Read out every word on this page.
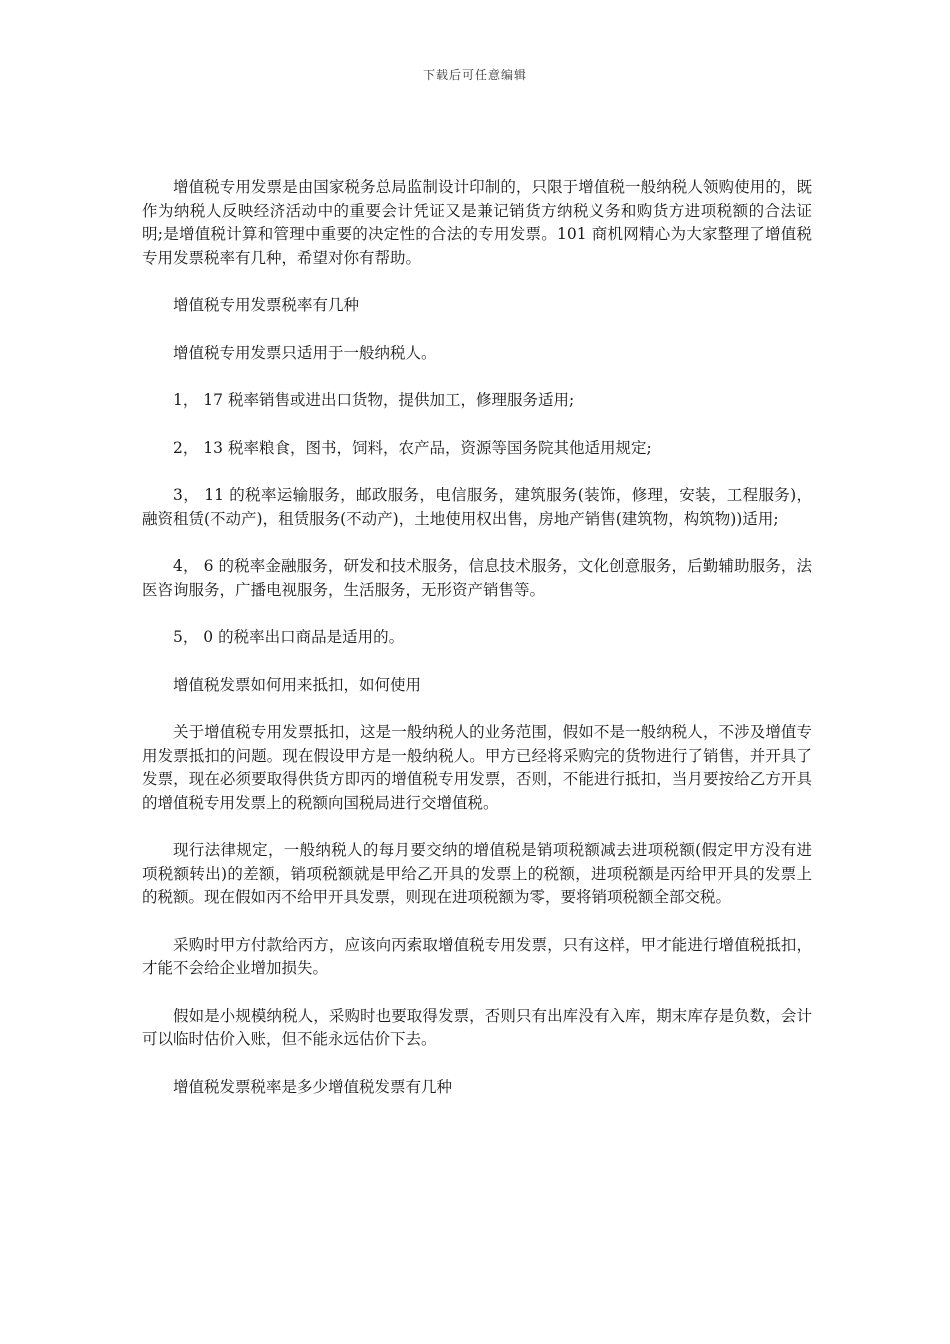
下载后可任意编辑

增值税专用发票是由国家税务总局监制设计印制的，只限于增值税一般纳税人领购使用的，既作为纳税人反映经济活动中的重要会计凭证又是兼记销货方纳税义务和购货方进项税额的合法证明;是增值税计算和管理中重要的决定性的合法的专用发票。101 商机网精心为大家整理了增值税专用发票税率有几种，希望对你有帮助。

增值税专用发票税率有几种

增值税专用发票只适用于一般纳税人。

1， 17 税率销售或进出口货物，提供加工，修理服务适用;

2， 13 税率粮食，图书，饲料，农产品，资源等国务院其他适用规定;

3， 11 的税率运输服务，邮政服务，电信服务，建筑服务(装饰，修理，安装，工程服务)，融资租赁(不动产)，租赁服务(不动产)，土地使用权出售，房地产销售(建筑物，构筑物))适用;

4， 6 的税率金融服务，研发和技术服务，信息技术服务，文化创意服务，后勤辅助服务，法医咨询服务，广播电视服务，生活服务，无形资产销售等。

5， 0 的税率出口商品是适用的。

增值税发票如何用来抵扣，如何使用

关于增值税专用发票抵扣，这是一般纳税人的业务范围，假如不是一般纳税人，不涉及增值专用发票抵扣的问题。现在假设甲方是一般纳税人。甲方已经将采购完的货物进行了销售，并开具了发票，现在必须要取得供货方即丙的增值税专用发票，否则，不能进行抵扣，当月要按给乙方开具的增值税专用发票上的税额向国税局进行交增值税。

现行法律规定，一般纳税人的每月要交纳的增值税是销项税额减去进项税额(假定甲方没有进项税额转出)的差额，销项税额就是甲给乙开具的发票上的税额，进项税额是丙给甲开具的发票上的税额。现在假如丙不给甲开具发票，则现在进项税额为零，要将销项税额全部交税。

采购时甲方付款给丙方，应该向丙索取增值税专用发票，只有这样，甲才能进行增值税抵扣，才能不会给企业增加损失。

假如是小规模纳税人，采购时也要取得发票，否则只有出库没有入库，期末库存是负数，会计可以临时估价入账，但不能永远估价下去。

增值税发票税率是多少增值税发票有几种
